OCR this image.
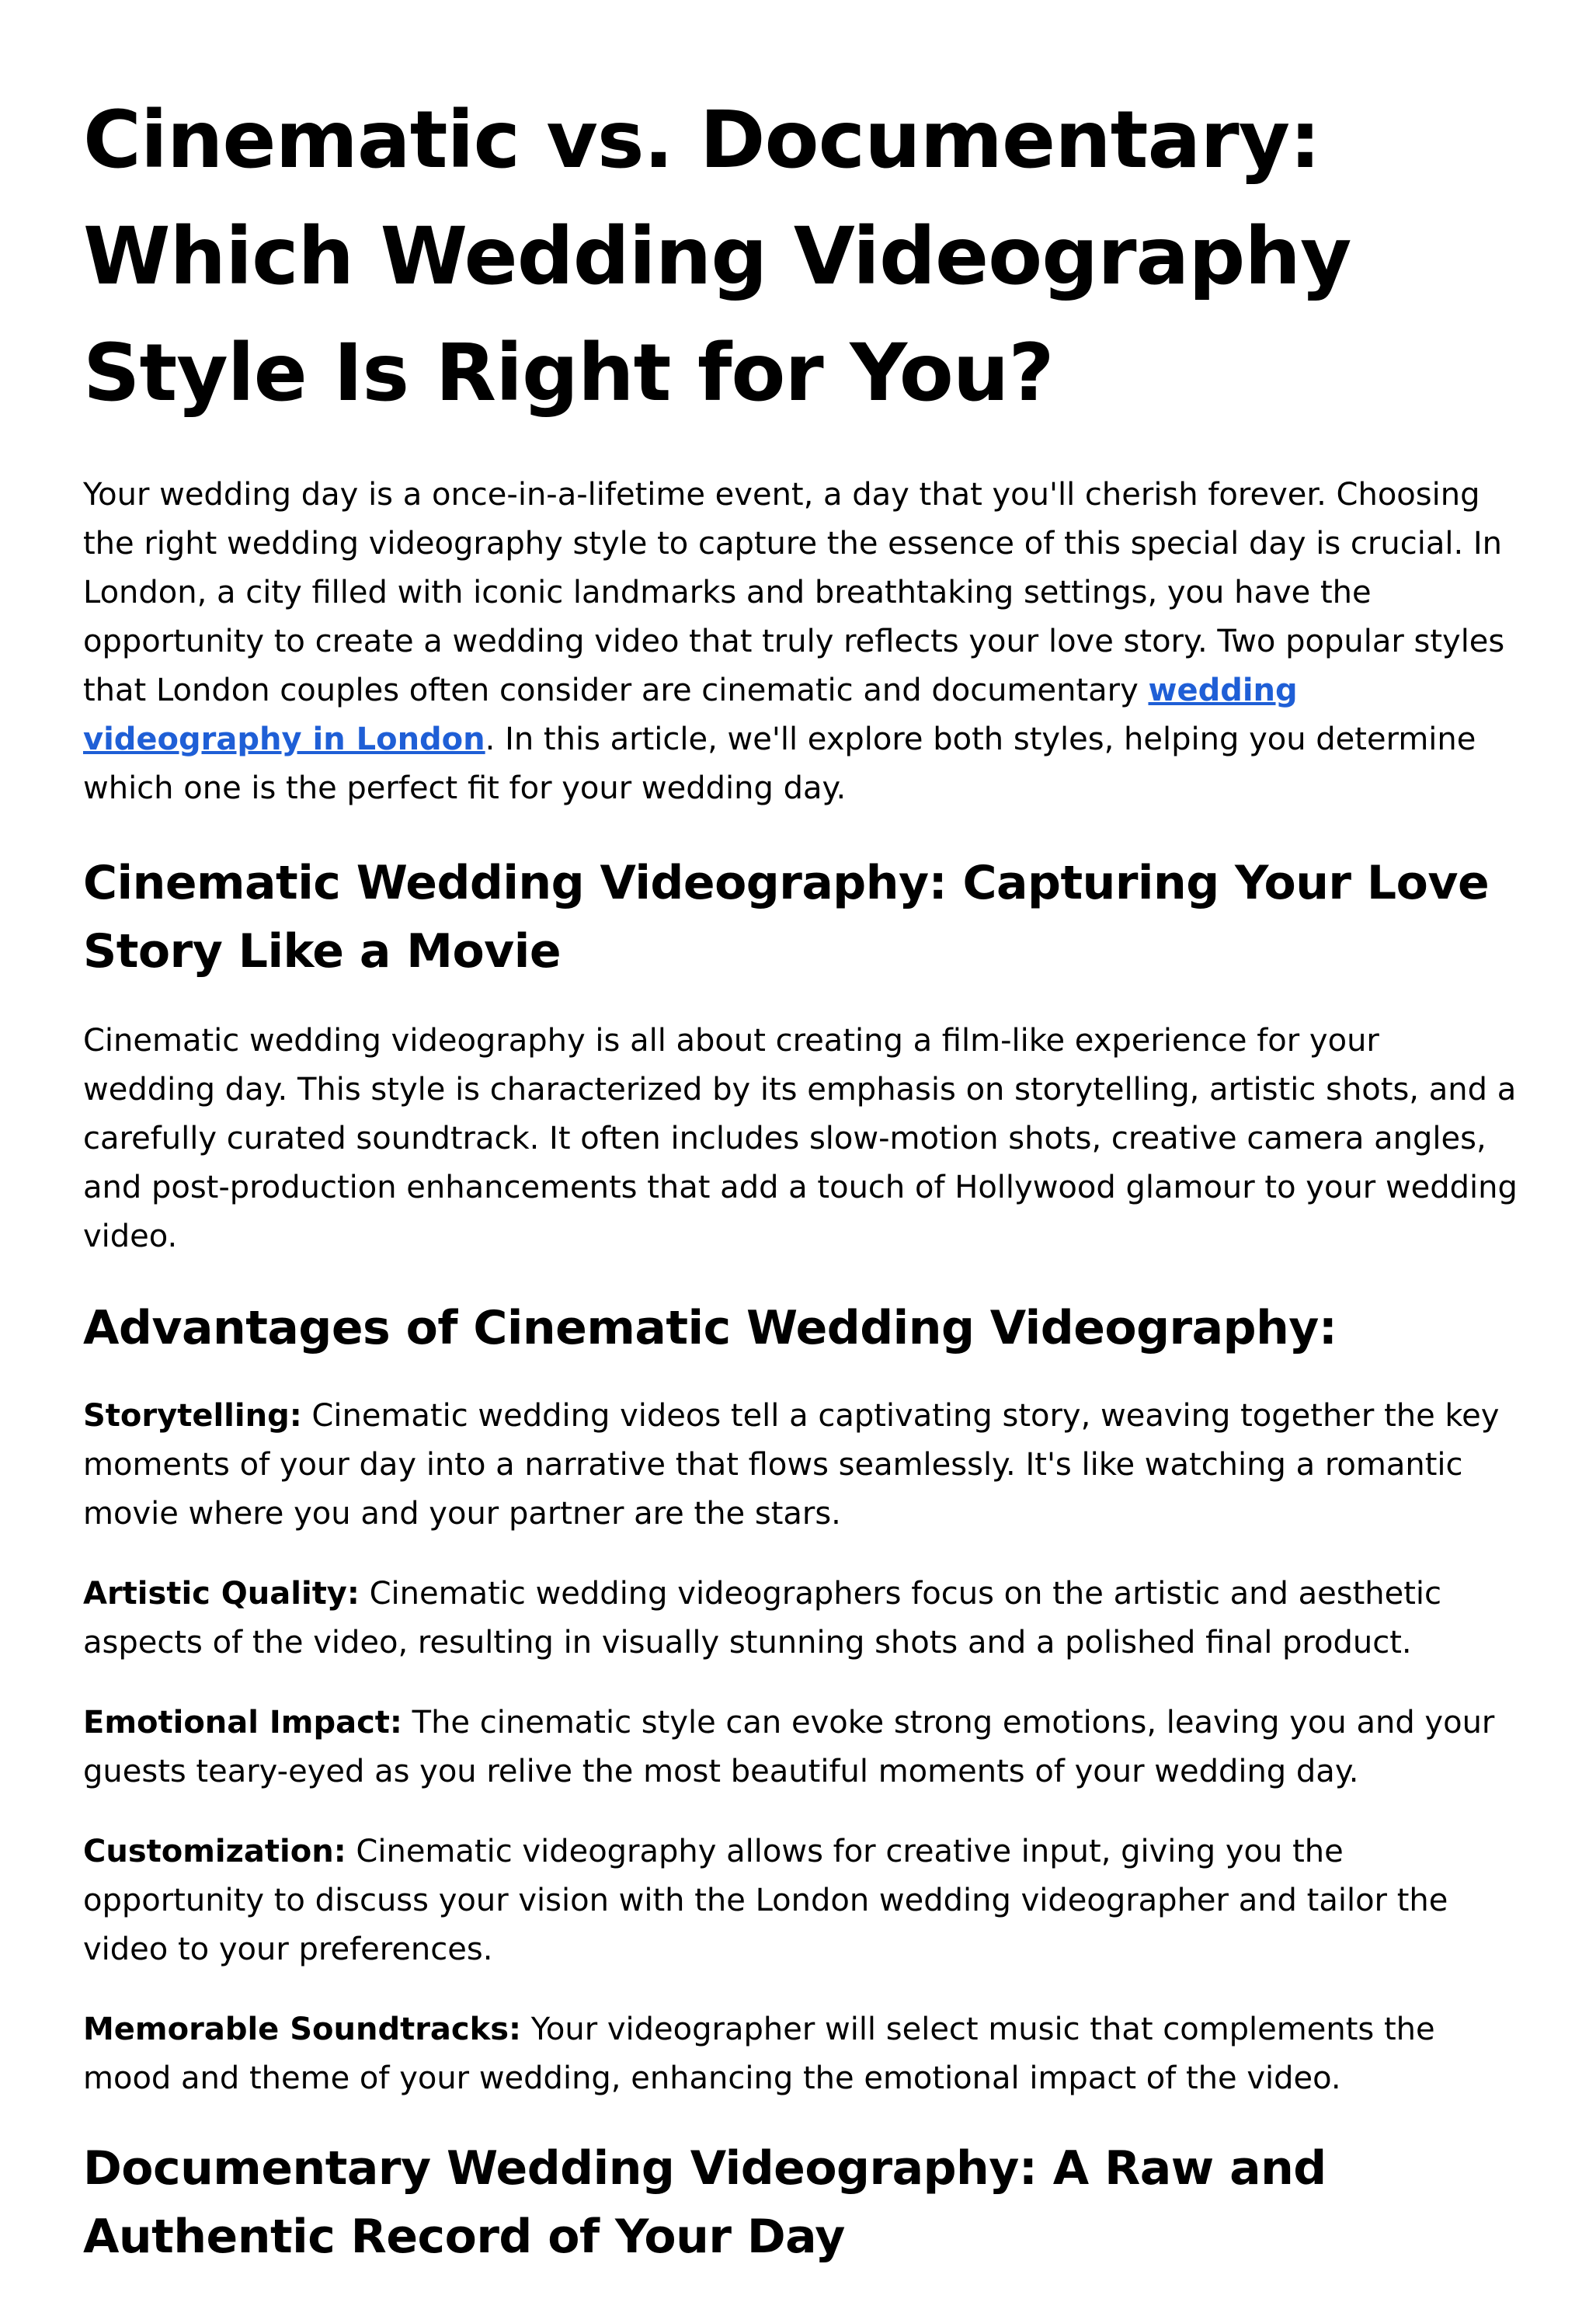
Cinematic vs. Documentary: Which Wedding Videography Style Is Right for You?

Your wedding day is a once-in-a-lifetime event, a day that you'll cherish forever. Choosing the right wedding videography style to capture the essence of this special day is crucial. In London, a city filled with iconic landmarks and breathtaking settings, you have the opportunity to create a wedding video that truly reflects your love story. Two popular styles that London couples often consider are cinematic and documentary wedding videography in London. In this article, we'll explore both styles, helping you determine which one is the perfect fit for your wedding day.

Cinematic Wedding Videography: Capturing Your Love Story Like a Movie

Cinematic wedding videography is all about creating a film-like experience for your wedding day. This style is characterized by its emphasis on storytelling, artistic shots, and a carefully curated soundtrack. It often includes slow-motion shots, creative camera angles, and post-production enhancements that add a touch of Hollywood glamour to your wedding video.

Advantages of Cinematic Wedding Videography:

Storytelling: Cinematic wedding videos tell a captivating story, weaving together the key moments of your day into a narrative that flows seamlessly. It's like watching a romantic movie where you and your partner are the stars.

Artistic Quality: Cinematic wedding videographers focus on the artistic and aesthetic aspects of the video, resulting in visually stunning shots and a polished final product.

Emotional Impact: The cinematic style can evoke strong emotions, leaving you and your guests teary-eyed as you relive the most beautiful moments of your wedding day.

Customization: Cinematic videography allows for creative input, giving you the opportunity to discuss your vision with the London wedding videographer and tailor the video to your preferences.

Memorable Soundtracks: Your videographer will select music that complements the mood and theme of your wedding, enhancing the emotional impact of the video.

Documentary Wedding Videography: A Raw and Authentic Record of Your Day
